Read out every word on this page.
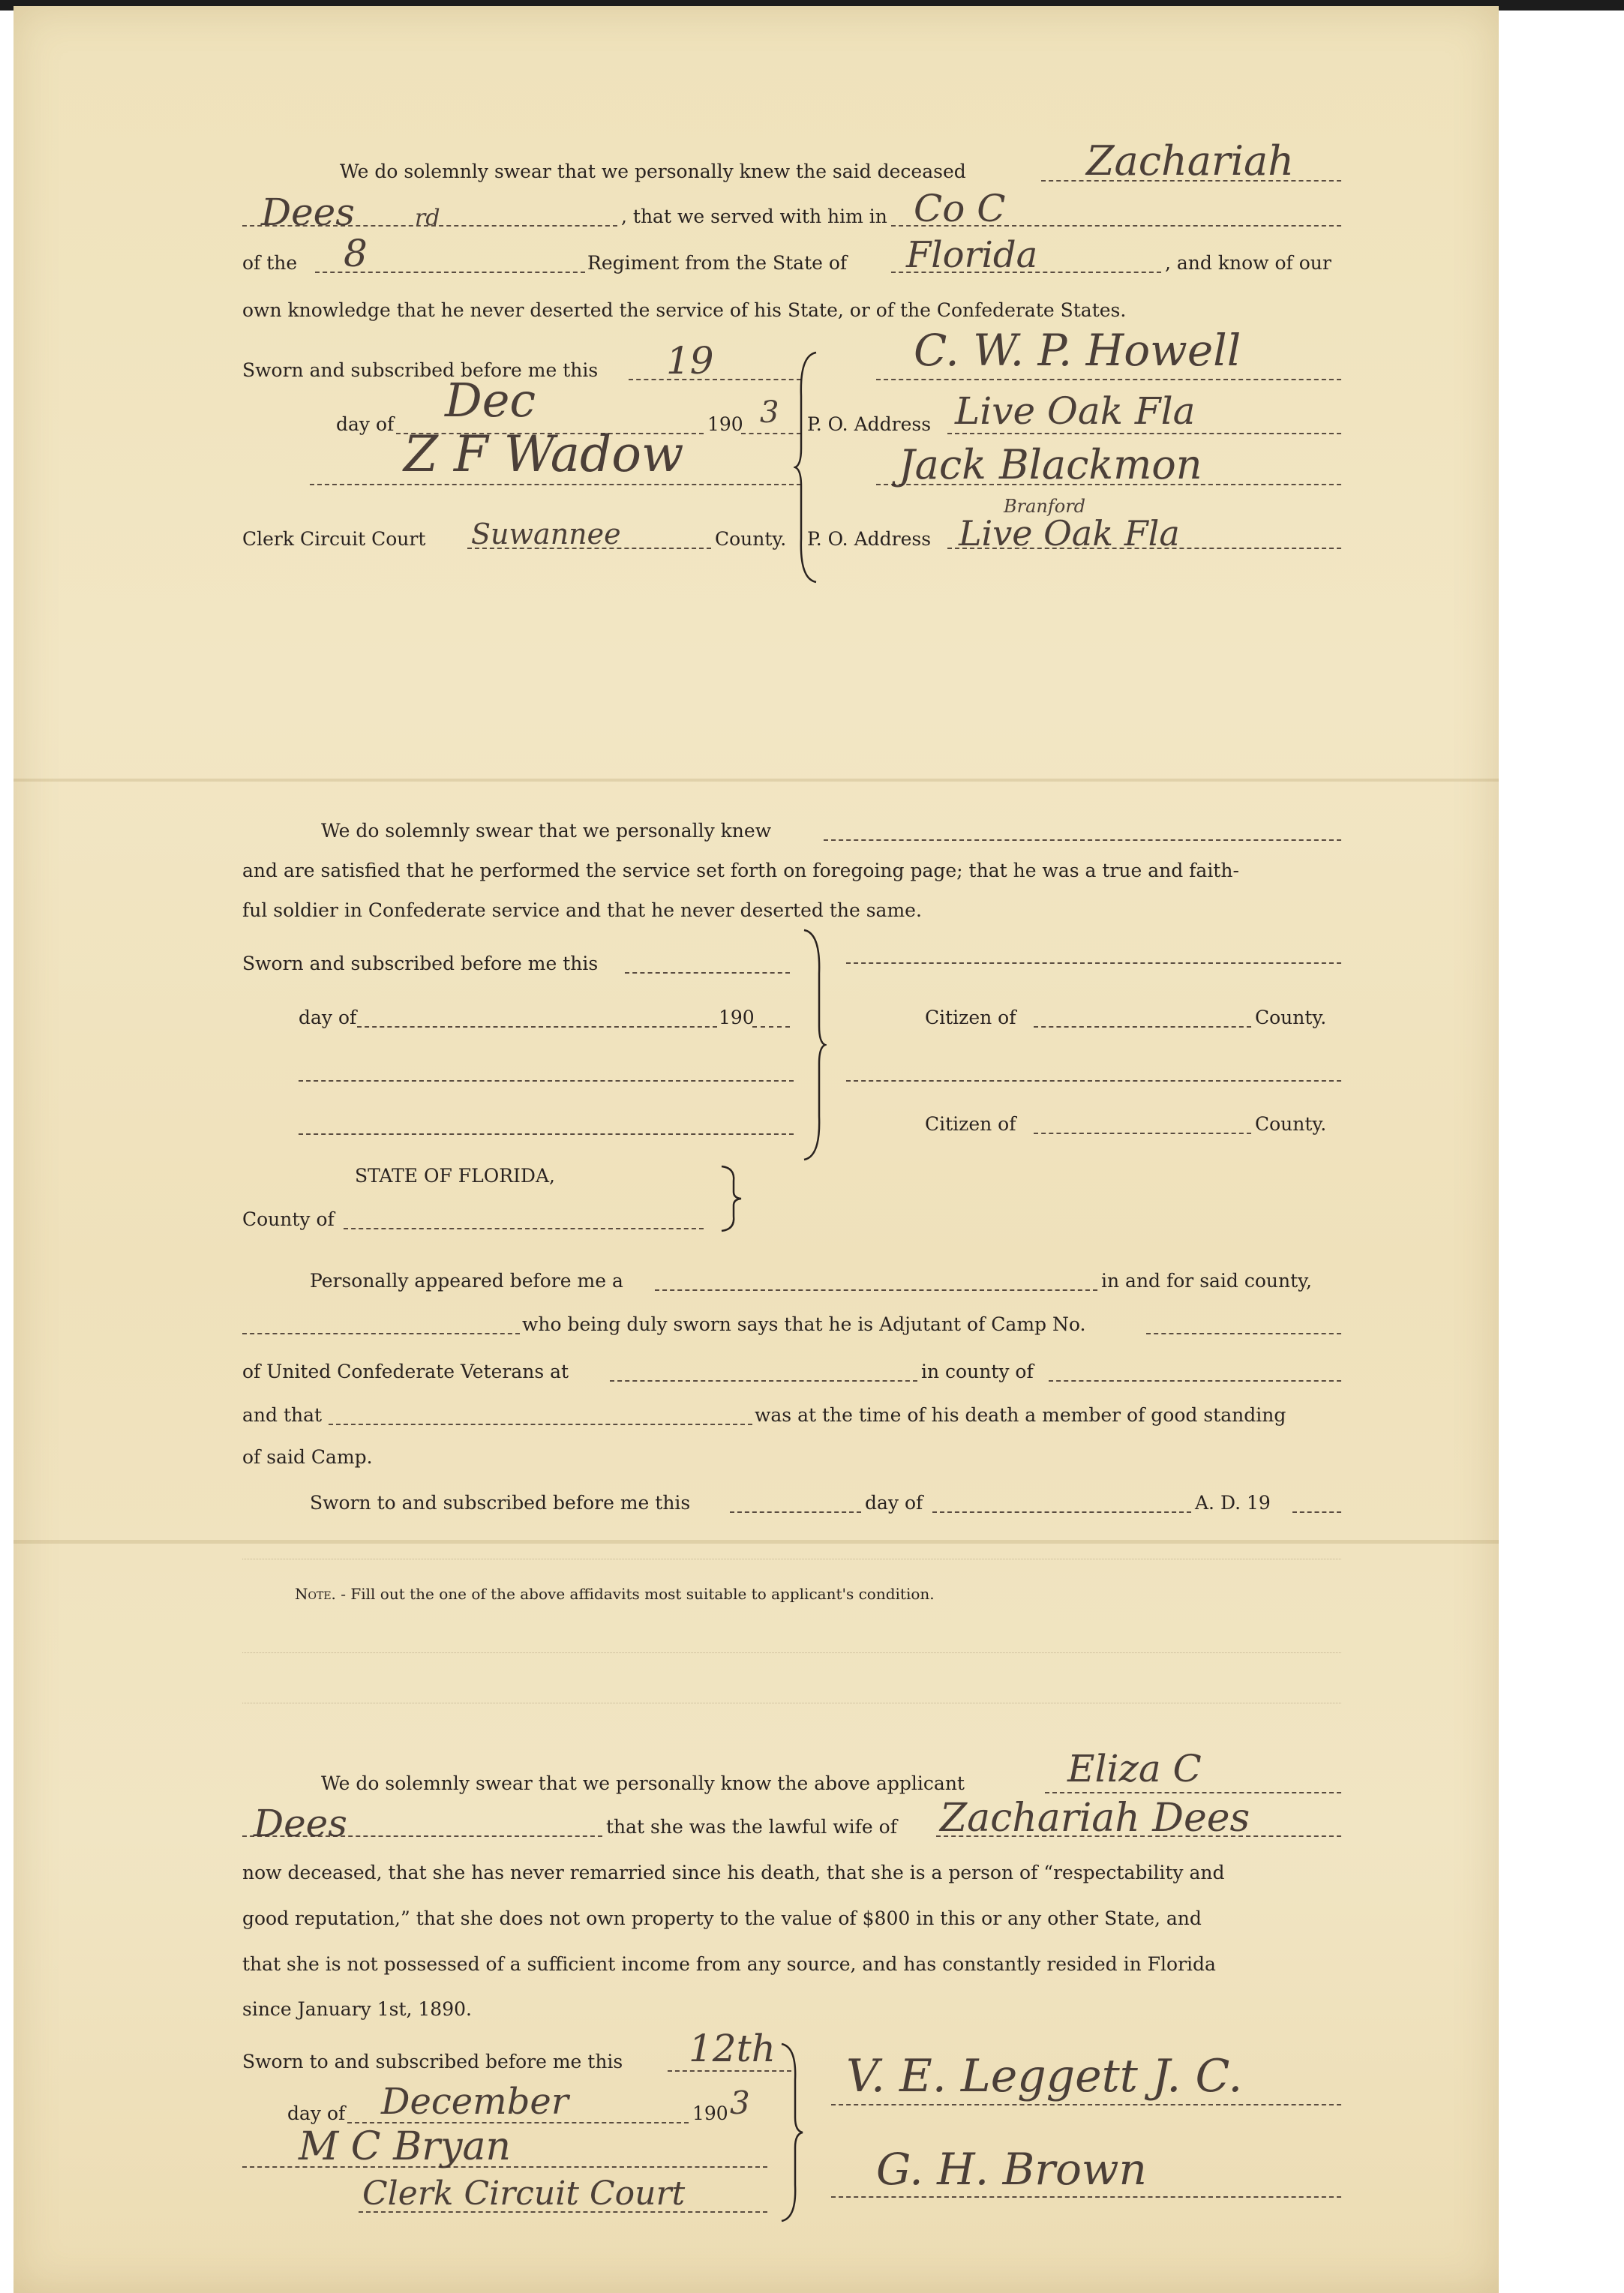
We do solemnly swear that we personally knew the said deceased	Zachariah
Dees	rd	, that we served with him in Co C
of the 8	Regiment from the State of Florida	, and know of our
own knowledge that he never deserted the service of his State, or of the Confederate States.
Sworn and subscribed before me this 19
day of Dec	190 3
Z F Wadow
Clerk Circuit Court Suwannee	County.
C. W. P. Howell
P. O. Address Live Oak Fla
Jack Blackmon
P. O. Address
Branford
Live Oak Fla
We do solemnly swear that we personally knew
and are satisfied that he performed the service set forth on foregoing page; that he was a true and faith-
ful soldier in Confederate service and that he never deserted the same.
Sworn and subscribed before me this
day of	190	Citizen of	County.
Citizen of	County.
STATE OF FLORIDA,
County of
Personally appeared before me a	in and for said county,
who being duly sworn says that he is Adjutant of Camp No.
of United Confederate Veterans at	in county of
and that	was at the time of his death a member of good standing
of said Camp.
Sworn to and subscribed before me this	day of	A. D. 19
Note. - Fill out the one of the above affidavits most suitable to applicant's condition.
We do solemnly swear that we personally know the above applicant	Eliza C
Dees	that she was the lawful wife of Zachariah Dees
now deceased, that she has never remarried since his death, that she is a person of “respectability and
good reputation,” that she does not own property to the value of $800 in this or any other State, and
that she is not possessed of a sufficient income from any source, and has constantly resided in Florida
since January 1st, 1890.
Sworn to and subscribed before me this 12th
day of December	190 3
M C Bryan
Clerk Circuit Court
V. E. Leggett J. C.
G. H. Brown
